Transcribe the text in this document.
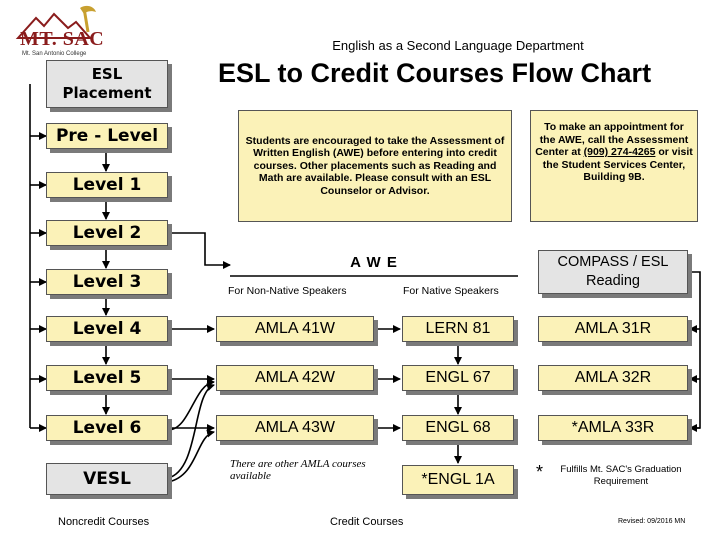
MT. SAC
Mt. San Antonio College
English as a Second Language Department
ESL to Credit Courses Flow Chart
ESL Placement
Pre - Level
Level 1
Level 2
Level 3
Level 4
Level 5
Level 6
VESL
Students are encouraged to take the Assessment of Written English (AWE) before entering into credit courses. Other placements such as Reading and Math are available. Please consult with an ESL Counselor or Advisor.
To make an appointment for the AWE, call the Assessment Center at (909) 274-4265 or visit the Student Services Center, Building 9B.
A W E
For Non-Native Speakers	For Native Speakers
COMPASS / ESL Reading
AMLA 41W
AMLA 42W
AMLA 43W
LERN 81
ENGL 67
ENGL 68
*ENGL 1A
AMLA 31R
AMLA 32R
*AMLA 33R
There are other AMLA courses available	*	Fulfills Mt. SAC's Graduation Requirement
Noncredit Courses	Credit Courses	Revised: 09/2016 MN
